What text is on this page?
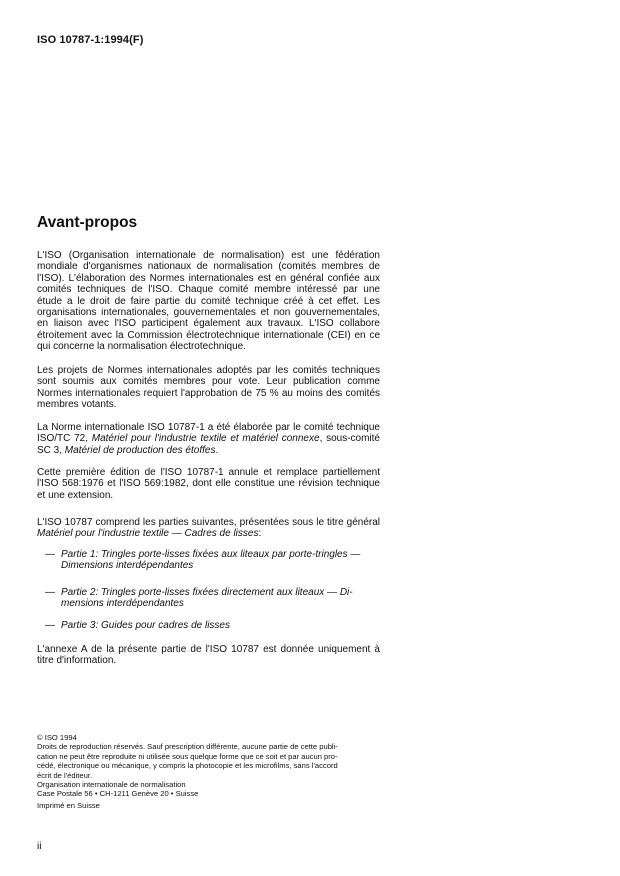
ISO 10787-1:1994(F)
Avant-propos
L'ISO (Organisation internationale de normalisation) est une fédération mondiale d'organismes nationaux de normalisation (comités membres de l'ISO). L'élaboration des Normes internationales est en général confiée aux comités techniques de l'ISO. Chaque comité membre intéressé par une étude a le droit de faire partie du comité technique créé à cet effet. Les organisations internationales, gouvernementales et non gouvernementales, en liaison avec l'ISO participent également aux travaux. L'ISO collabore étroitement avec la Commission électrotechnique internationale (CEI) en ce qui concerne la normalisation électrotechnique.
Les projets de Normes internationales adoptés par les comités techniques sont soumis aux comités membres pour vote. Leur publication comme Normes internationales requiert l'approbation de 75 % au moins des comités membres votants.
La Norme internationale ISO 10787-1 a été élaborée par le comité technique ISO/TC 72, Matériel pour l'industrie textile et matériel connexe, sous-comité SC 3, Matériel de production des étoffes.
Cette première édition de l'ISO 10787-1 annule et remplace partiellement l'ISO 568:1976 et l'ISO 569:1982, dont elle constitue une révision technique et une extension.
L'ISO 10787 comprend les parties suivantes, présentées sous le titre général Matériel pour l'industrie textile — Cadres de lisses:
— Partie 1: Tringles porte-lisses fixées aux liteaux par porte-tringles —
Dimensions interdépendantes
— Partie 2: Tringles porte-lisses fixées directement aux liteaux — Di-
mensions interdépendantes
— Partie 3: Guides pour cadres de lisses
L'annexe A de la présente partie de l'ISO 10787 est donnée uniquement à titre d'information.
© ISO 1994
Droits de reproduction réservés. Sauf prescription différente, aucune partie de cette publi-
cation ne peut être reproduite ni utilisée sous quelque forme que ce soit et par aucun pro-
cédé, électronique ou mécanique, y compris la photocopie et les microfilms, sans l'accord
écrit de l'éditeur.
Organisation internationale de normalisation
Case Postale 56 • CH-1211 Genève 20 • Suisse
Imprimé en Suisse
ii
